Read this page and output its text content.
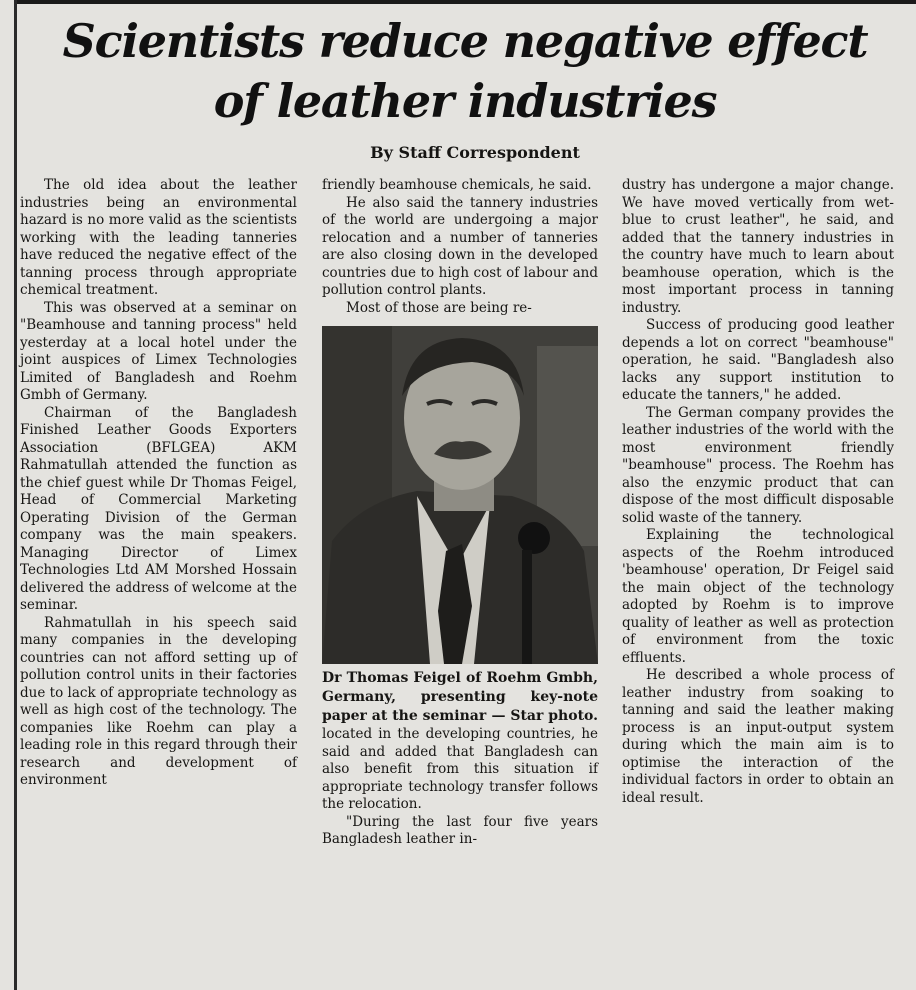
Scientists reduce negative effect
of leather industries

By Staff Correspondent

The old idea about the leather industries being an environmental hazard is no more valid as the scientists working with the leading tanneries have reduced the negative effect of the tanning process through appropriate chemical treatment.

This was observed at a seminar on "Beamhouse and tanning process" held yesterday at a local hotel under the joint auspices of Limex Technologies Limited of Bangladesh and Roehm Gmbh of Germany.

Chairman of the Bangladesh Finished Leather Goods Exporters Association (BFLGEA) AKM Rahmatullah attended the function as the chief guest while Dr Thomas Feigel, Head of Commercial Marketing Operating Division of the German company was the main speakers. Managing Director of Limex Technologies Ltd AM Morshed Hossain delivered the address of welcome at the seminar.

Rahmatullah in his speech said many companies in the developing countries can not afford setting up of pollution control units in their factories due to lack of appropriate technology as well as high cost of the technology. The companies like Roehm can play a leading role in this regard through their research and development of environment

friendly beamhouse chemicals, he said.

He also said the tannery industries of the world are undergoing a major relocation and a number of tanneries are also closing down in the developed countries due to high cost of labour and pollution control plants.

Most of those are being re-

Dr Thomas Feigel of Roehm Gmbh, Germany, presenting key-note paper at the seminar — Star photo.

located in the developing countries, he said and added that Bangladesh can also benefit from this situation if appropriate technology transfer follows the relocation.

"During the last four five years Bangladesh leather in-

dustry has undergone a major change. We have moved vertically from wet-blue to crust leather", he said, and added that the tannery industries in the country have much to learn about beamhouse operation, which is the most important process in tanning industry.

Success of producing good leather depends a lot on correct "beamhouse" operation, he said. "Bangladesh also lacks any support institution to educate the tanners," he added.

The German company provides the leather industries of the world with the most environment friendly "beamhouse" process. The Roehm has also the enzymic product that can dispose of the most difficult disposable solid waste of the tannery.

Explaining the technological aspects of the Roehm introduced 'beamhouse' operation, Dr Feigel said the main object of the technology adopted by Roehm is to improve quality of leather as well as protection of environment from the toxic effluents.

He described a whole process of leather industry from soaking to tanning and said the leather making process is an input-output system during which the main aim is to optimise the interaction of the individual factors in order to obtain an ideal result.
